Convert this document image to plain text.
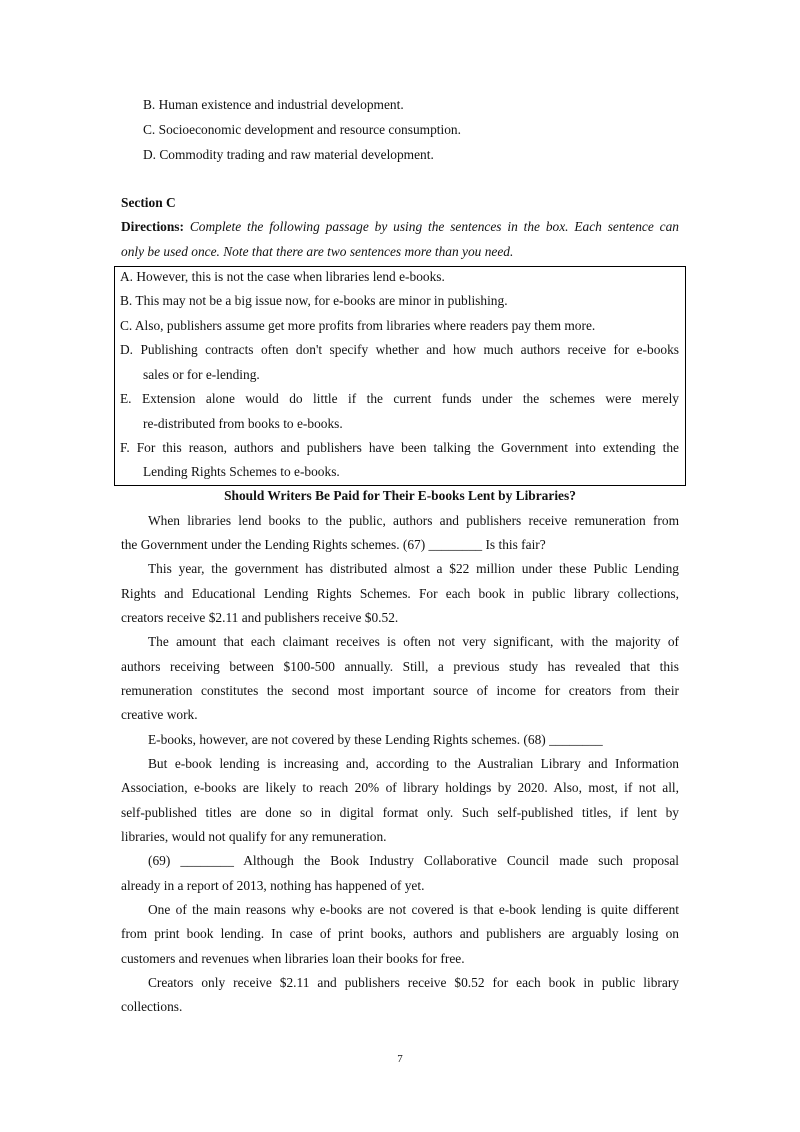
B. Human existence and industrial development.
C. Socioeconomic development and resource consumption.
D. Commodity trading and raw material development.
Section C
Directions: Complete the following passage by using the sentences in the box. Each sentence can
only be used once. Note that there are two sentences more than you need.
A. However, this is not the case when libraries lend e-books.
B. This may not be a big issue now, for e-books are minor in publishing.
C. Also, publishers assume get more profits from libraries where readers pay them more.
D. Publishing contracts often don't specify whether and how much authors receive for e-books
sales or for e-lending.
E. Extension alone would do little if the current funds under the schemes were merely
re-distributed from books to e-books.
F. For this reason, authors and publishers have been talking the Government into extending the
Lending Rights Schemes to e-books.
Should Writers Be Paid for Their E-books Lent by Libraries?
When libraries lend books to the public, authors and publishers receive remuneration from
the Government under the Lending Rights schemes. (67) ________ Is this fair?
This year, the government has distributed almost a $22 million under these Public Lending
Rights and Educational Lending Rights Schemes. For each book in public library collections,
creators receive $2.11 and publishers receive $0.52.
The amount that each claimant receives is often not very significant, with the majority of
authors receiving between $100-500 annually. Still, a previous study has revealed that this
remuneration constitutes the second most important source of income for creators from their
creative work.
E-books, however, are not covered by these Lending Rights schemes. (68) ________
But e-book lending is increasing and, according to the Australian Library and Information
Association, e-books are likely to reach 20% of library holdings by 2020. Also, most, if not all,
self-published titles are done so in digital format only. Such self-published titles, if lent by
libraries, would not qualify for any remuneration.
(69) ________ Although the Book Industry Collaborative Council made such proposal
already in a report of 2013, nothing has happened of yet.
One of the main reasons why e-books are not covered is that e-book lending is quite different
from print book lending. In case of print books, authors and publishers are arguably losing on
customers and revenues when libraries loan their books for free.
Creators only receive $2.11 and publishers receive $0.52 for each book in public library
collections.
7
